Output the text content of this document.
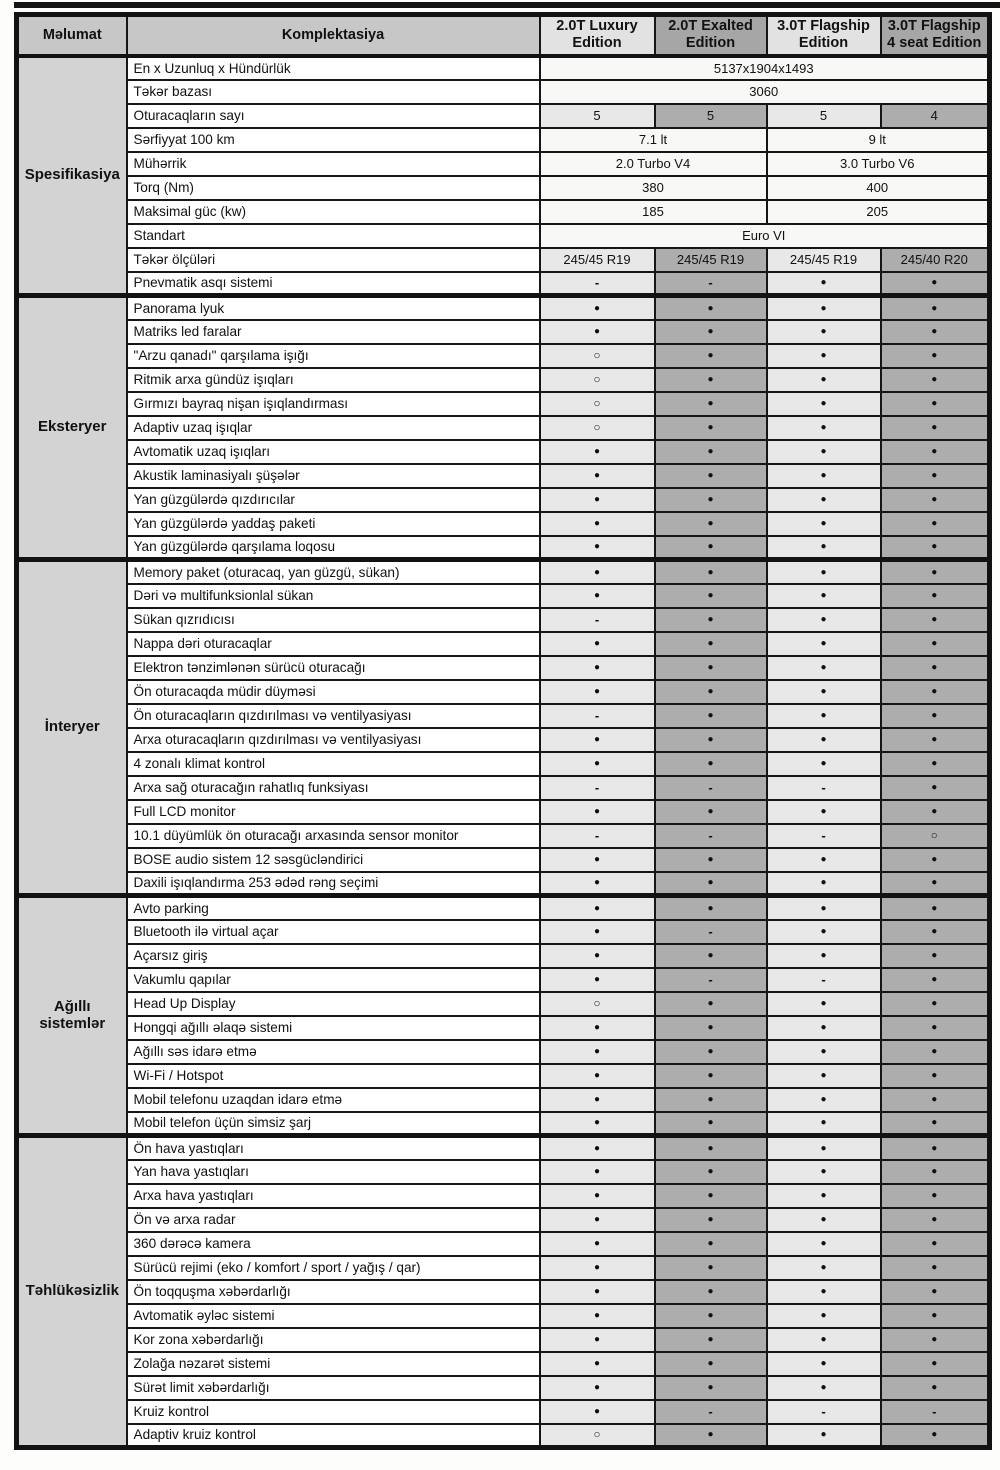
Məlumat	Komplektasiya	2.0T Luxury Edition	2.0T Exalted Edition	3.0T Flagship Edition	3.0T Flagship 4 seat Edition
Spesifikasiya	En x Uzunluq x Hündürlük	5137x1904x1493			
	Təkər bazası	3060			
	Oturacaqların sayı	5	5	5	4
	Sərfiyyat 100 km	7.1 lt		9 lt	
	Mühərrik	2.0 Turbo V4		3.0 Turbo V6	
	Torq (Nm)	380		400	
	Maksimal güc (kw)	185		205	
	Standart	Euro VI			
	Təkər ölçüləri	245/45 R19	245/45 R19	245/45 R19	245/40 R20
	Pnevmatik asqı sistemi	-	-	●	●
Eksteryer	Panorama lyuk	●	●	●	●
	Matriks led faralar	●	●	●	●
	"Arzu qanadı" qarşılama işığı	○	●	●	●
	Ritmik arxa gündüz işıqları	○	●	●	●
	Gırmızı bayraq nişan işıqlandırması	○	●	●	●
	Adaptiv uzaq işıqlar	○	●	●	●
	Avtomatik uzaq işıqları	●	●	●	●
	Akustik laminasiyalı şüşələr	●	●	●	●
	Yan güzgülərdə qızdırıcılar	●	●	●	●
	Yan güzgülərdə yaddaş paketi	●	●	●	●
	Yan güzgülərdə qarşılama loqosu	●	●	●	●
İnteryer	Memory paket (oturacaq, yan güzgü, sükan)	●	●	●	●
	Dəri və multifunksionlal sükan	●	●	●	●
	Sükan qızrıdıcısı	-	●	●	●
	Nappa dəri oturacaqlar	●	●	●	●
	Elektron tənzimlənən sürücü oturacağı	●	●	●	●
	Ön oturacaqda müdir düyməsi	●	●	●	●
	Ön oturacaqların qızdırılması və ventilyasiyası	-	●	●	●
	Arxa oturacaqların qızdırılması və ventilyasiyası	●	●	●	●
	4 zonalı klimat kontrol	●	●	●	●
	Arxa sağ oturacağın rahatlıq funksiyası	-	-	-	●
	Full LCD monitor	●	●	●	●
	10.1 düyümlük ön oturacağı arxasında sensor monitor	-	-	-	○
	BOSE audio sistem 12 səsgücləndirici	●	●	●	●
	Daxili işıqlandırma 253 ədəd rəng seçimi	●	●	●	●
Ağıllı sistemlər	Avto parking	●	●	●	●
	Bluetooth ilə virtual açar	●	-	●	●
	Açarsız giriş	●	●	●	●
	Vakumlu qapılar	●	-	-	●
	Head Up Display	○	●	●	●
	Hongqi ağıllı əlaqə sistemi	●	●	●	●
	Ağıllı səs idarə etmə	●	●	●	●
	Wi-Fi / Hotspot	●	●	●	●
	Mobil telefonu uzaqdan idarə etmə	●	●	●	●
	Mobil telefon üçün simsiz şarj	●	●	●	●
Təhlükəsizlik	Ön hava yastıqları	●	●	●	●
	Yan hava yastıqları	●	●	●	●
	Arxa hava yastıqları	●	●	●	●
	Ön və arxa radar	●	●	●	●
	360 dərəcə kamera	●	●	●	●
	Sürücü rejimi (eko / komfort / sport / yağış / qar)	●	●	●	●
	Ön toqquşma xəbərdarlığı	●	●	●	●
	Avtomatik əyləc sistemi	●	●	●	●
	Kor zona xəbərdarlığı	●	●	●	●
	Zolağa nəzarət sistemi	●	●	●	●
	Sürət limit xəbərdarlığı	●	●	●	●
	Kruiz kontrol	●	-	-	-
	Adaptiv kruiz kontrol	○	●	●	●
